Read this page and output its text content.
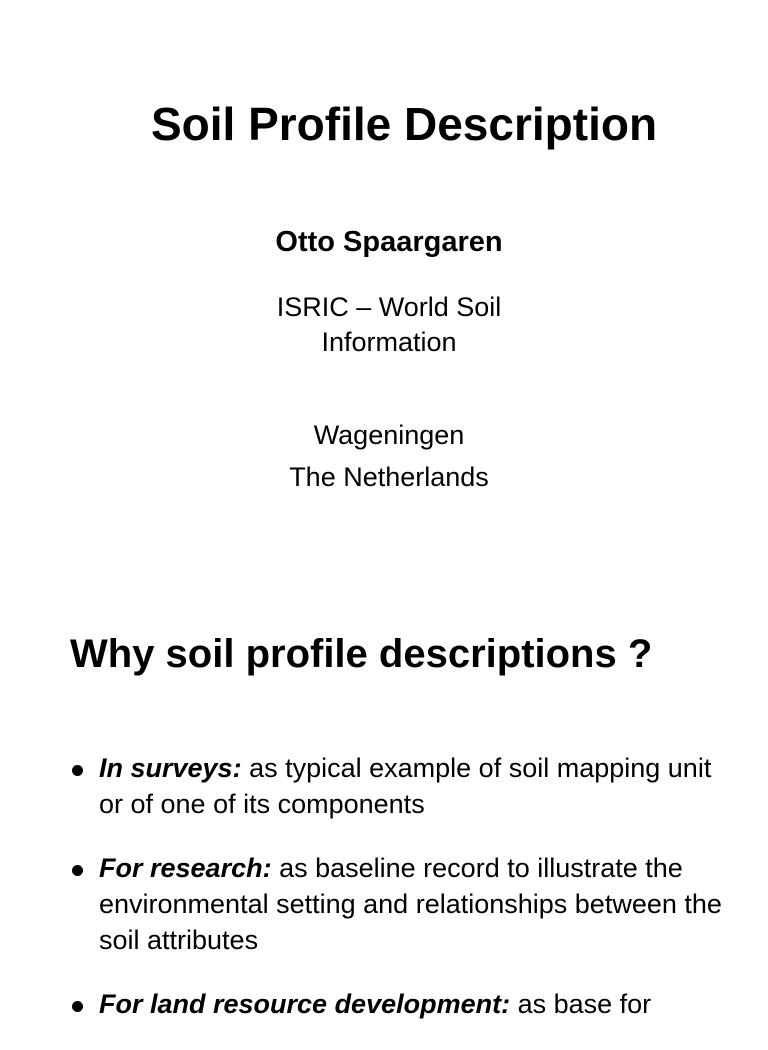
Soil Profile Description

Otto Spaargaren

ISRIC – World Soil
Information

Wageningen
The Netherlands

Why soil profile descriptions ?
In surveys: as typical example of soil mapping unit or of one of its components
For research: as baseline record to illustrate the environmental setting and relationships between the soil attributes
For land resource development: as base for
